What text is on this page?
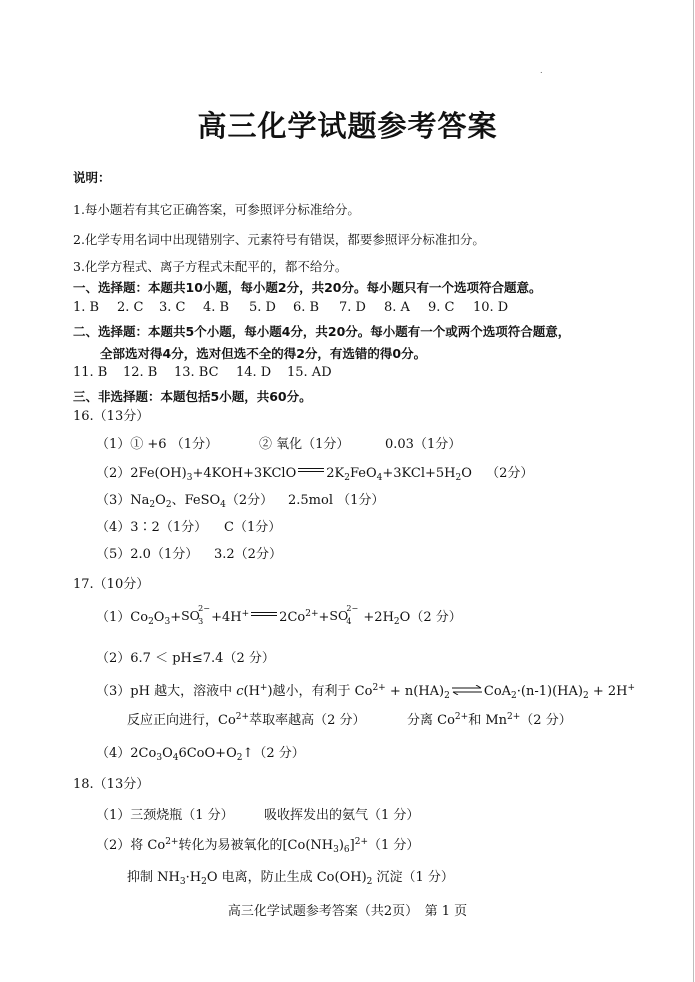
.
高三化学试题参考答案
说明：
1.每小题若有其它正确答案，可参照评分标准给分。
2.化学专用名词中出现错别字、元素符号有错误，都要参照评分标准扣分。
3.化学方程式、离子方程式未配平的，都不给分。
一、选择题：本题共10小题，每小题2分，共20分。每小题只有一个选项符合题意。
1. B 2. C 3. C 4. B 5. D 6. B 7. D 8. A 9. C 10. D
二、选择题：本题共5个小题，每小题4分，共20分。每小题有一个或两个选项符合题意，
全部选对得4分，选对但选不全的得2分，有选错的得0分。
11. B 12. B 13. BC 14. D 15. AD
三、非选择题：本题包括5小题，共60分。
16.（13分）
（1）① +6 （1分）	② 氧化（1分）	0.03（1分）
$(2)2Fe(OH)_3+4KOH+3KClO$ $2K_2FeO_4+3KCl+5H_2O$ （2分）
$(3)Na_2O_2$、FeSO$_4$（2分） 2.5mol （1分）
（4）3∶2（1分） C（1分）
（5）2.0（1分） 3.2（2分）
17.（10分）
$(1)Co_2O_3+$ SO
2−
3 +4H+ $2Co^{2+}+$ SO
2−
$4 +2H_2O(2$ 分）
（2）6.7 ＜ pH≤7.4（2 分）
（3）pH 越大，溶液中 c(H+)越小，有利于 $Co^{2+} + n(HA)_2$ $\rightleftharpoons CoA_2\cdot(n-1)(HA)_2 + 2H^+$
反应正向进行，$Co^{2+}$萃取率越高（2 分）	分离 $Co^{2+}$和 $Mn^{2+}(2$ 分）
$(4)2Co_3O_46CoO+O_2↑(2$ 分）
18.（13分）
（1）三颈烧瓶（1 分） 吸收挥发出的氨气（1 分）
（2）将 $Co^{2+}$转化为易被氧化的$[Co(NH_3)_6]^{2+}(1$ 分）
抑制 $NH_3\cdot H_2O$ 电离，防止生成 $Co(OH)_2$ 沉淀（1 分）
高三化学试题参考答案（共2页）　第 1 页
